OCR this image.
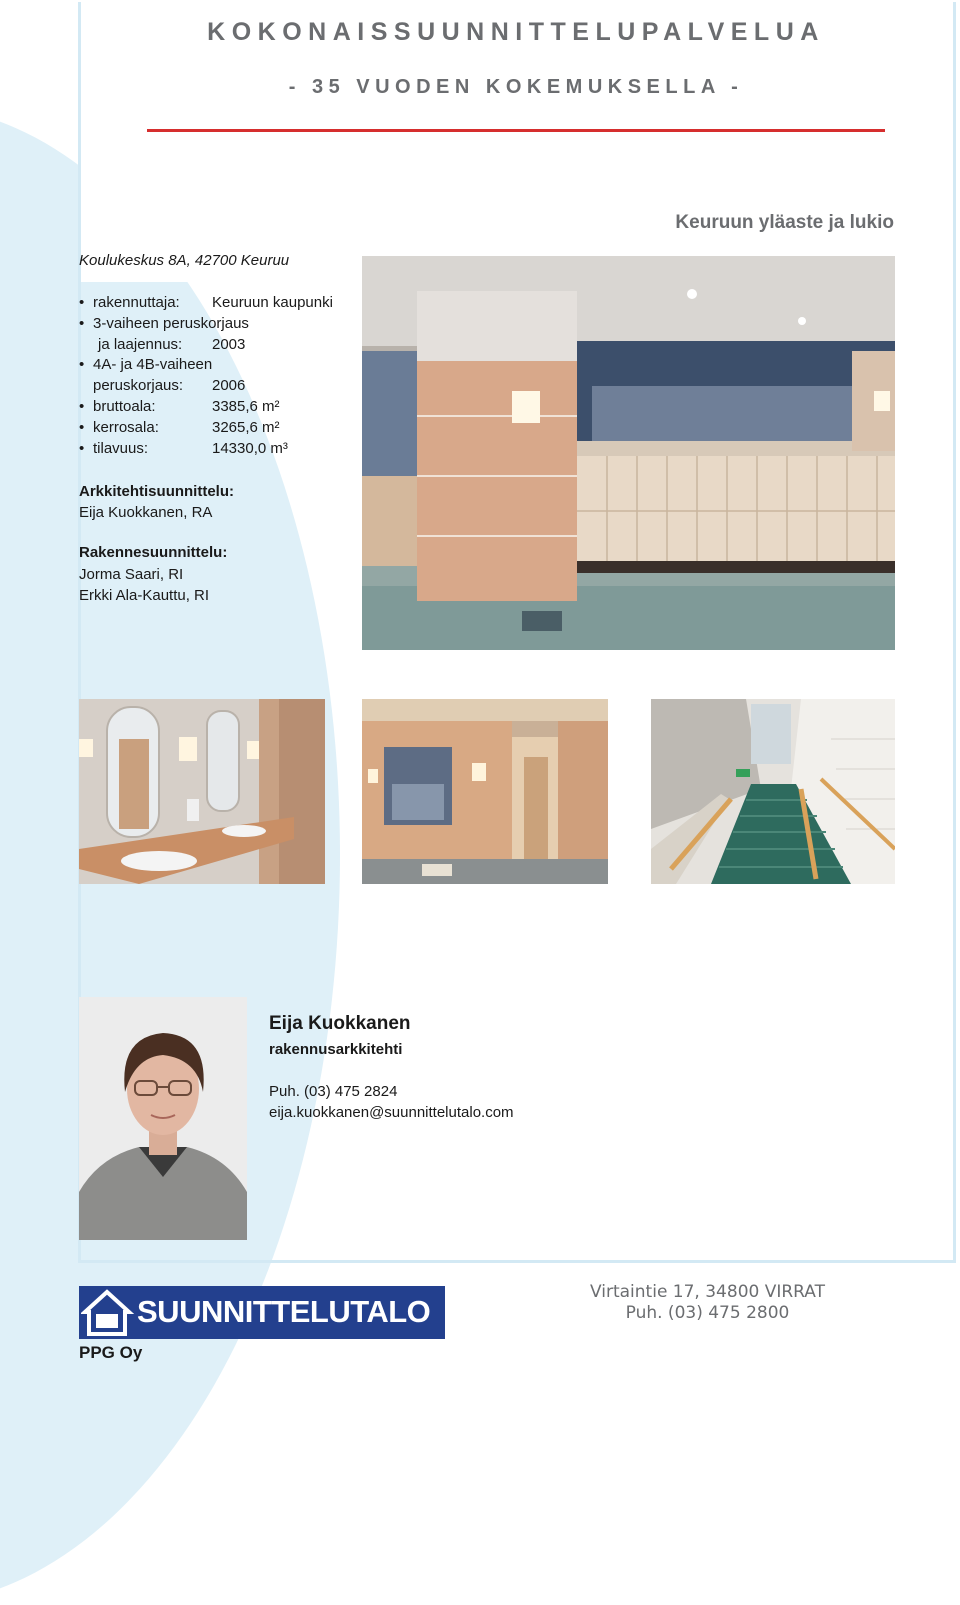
KOKONAISSUUNNITTELUPALVELUA
- 35 VUODEN KOKEMUKSELLA -
Keuruun yläaste ja lukio
Koulukeskus 8A, 42700 Keuruu
• rakennuttaja: Keuruun kaupunki
• 3-vaiheen peruskorjaus
ja laajennus: 2003
• 4A- ja 4B-vaiheen
peruskorjaus: 2006
• bruttoala:	3385,6 m²
• kerrosala:	3265,6 m²
• tilavuus:	14330,0 m³
Arkkitehtisuunnittelu:
Eija Kuokkanen, RA
Rakennesuunnittelu:
Jorma Saari, RI
Erkki Ala-Kauttu, RI
Eija Kuokkanen
rakennusarkkitehti
Puh. (03) 475 2824
eija.kuokkanen@suunnittelutalo.com
SUUNNITTELUTALO
PPG Oy
Virtaintie 17, 34800 VIRRAT
Puh. (03) 475 2800
